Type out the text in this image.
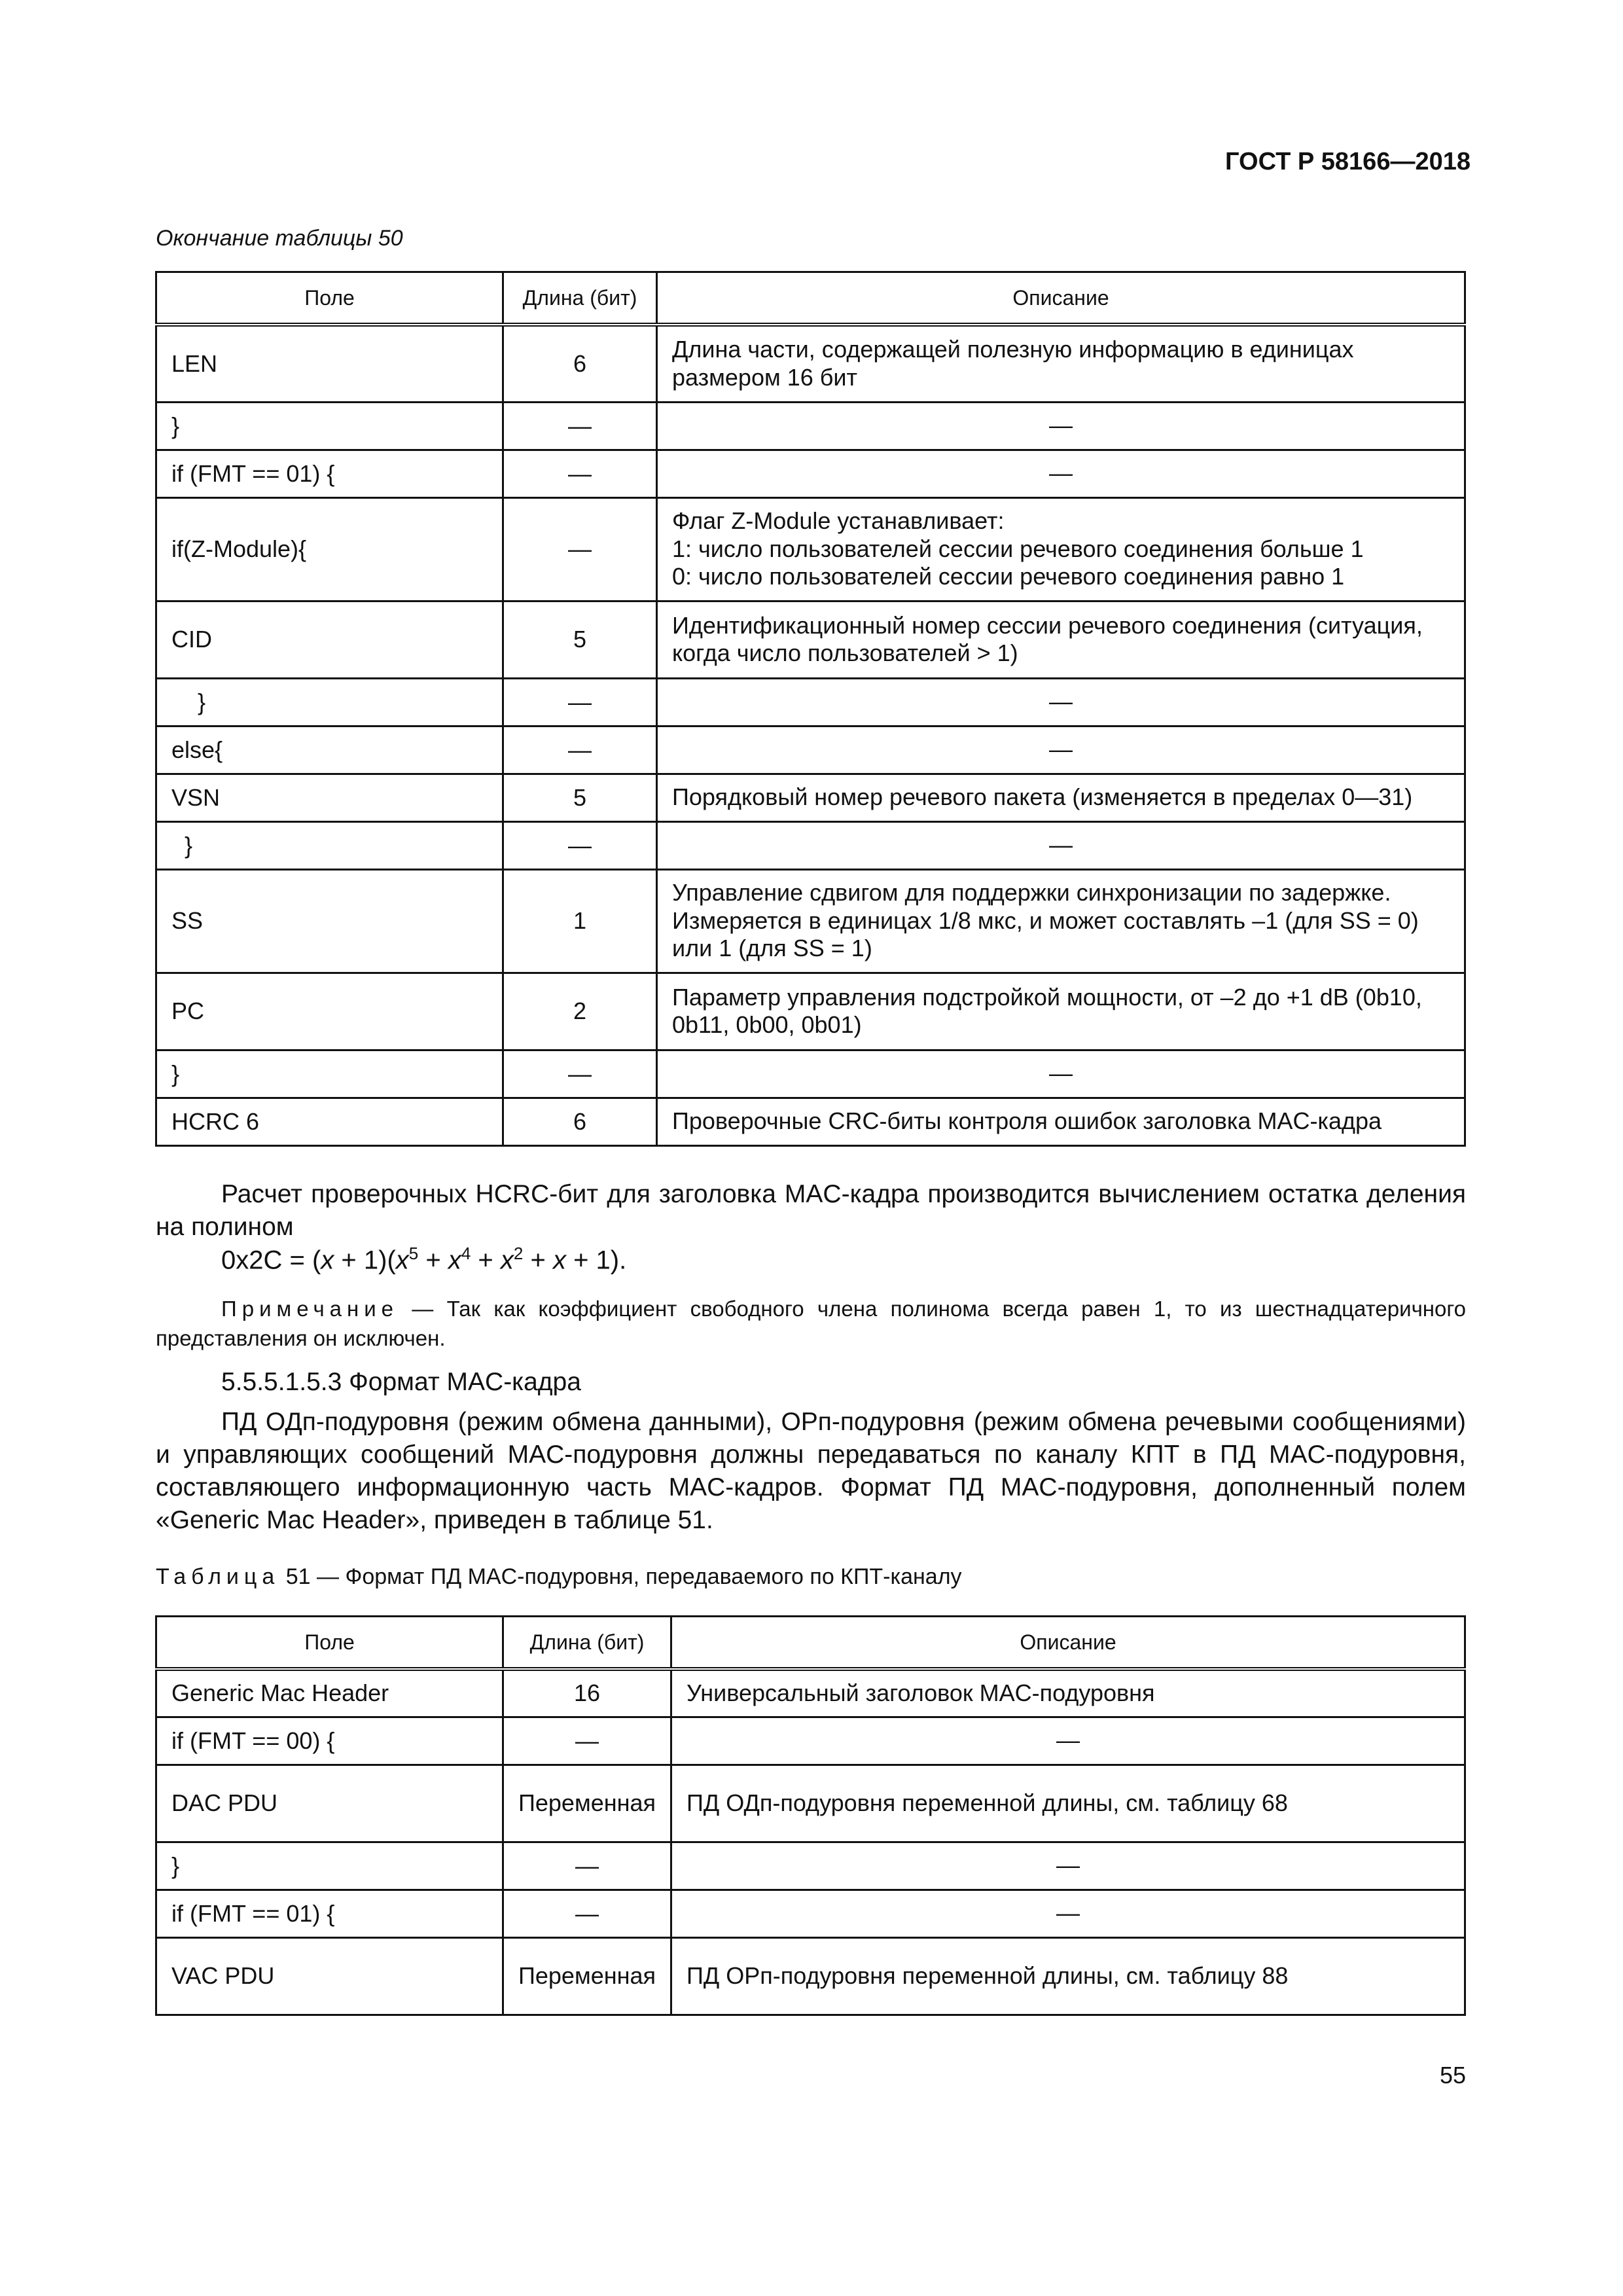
ГОСТ Р 58166—2018
Окончание таблицы 50
Поле	Длина (бит)	Описание
LEN	6	Длина части, содержащей полезную информацию в единицах размером 16 бит
}	—	—
if (FMT == 01) {	—	—
if(Z-Module){	—	Флаг Z-Module устанавливает:
1: число пользователей сессии речевого соединения больше 1
0: число пользователей сессии речевого соединения равно 1
CID	5	Идентификационный номер сессии речевого соединения (ситуация, когда число пользователей > 1)
}	—	—
else{	—	—
VSN	5	Порядковый номер речевого пакета (изменяется в пределах 0—31)
}	—	—
SS	1	Управление сдвигом для поддержки синхронизации по задержке. Измеряется в единицах 1/8 мкс, и может составлять –1 (для SS = 0) или 1 (для SS = 1)
PC	2	Параметр управления подстройкой мощности, от –2 до +1 dB (0b10, 0b11, 0b00, 0b01)
}	—	—
HCRC 6	6	Проверочные CRC-биты контроля ошибок заголовка MAC-кадра
Расчет проверочных HCRC-бит для заголовка MAC-кадра производится вычислением остатка деления на полином
$0x2C = (x + 1)(x^5 + x^4 + x^2 + x + 1)$.
Примечание — Так как коэффициент свободного члена полинома всегда равен 1, то из шестнадцатеричного представления он исключен.
5.5.5.1.5.3 Формат MAC-кадра
ПД ОДп-подуровня (режим обмена данными), ОРп-подуровня (режим обмена речевыми сообщениями) и управляющих сообщений MAC-подуровня должны передаваться по каналу КПТ в ПД MAC-подуровня, составляющего информационную часть MAC-кадров. Формат ПД MAC-подуровня, дополненный полем «Generic Mac Header», приведен в таблице 51.
Таблица 51 — Формат ПД MAC-подуровня, передаваемого по КПТ-каналу
Поле	Длина (бит)	Описание
Generic Mac Header	16	Универсальный заголовок MAC-подуровня
if (FMT == 00) {	—	—
DAC PDU	Переменная	ПД ОДп-подуровня переменной длины, см. таблицу 68
}	—	—
if (FMT == 01) {	—	—
VAC PDU	Переменная	ПД ОРп-подуровня переменной длины, см. таблицу 88
55
